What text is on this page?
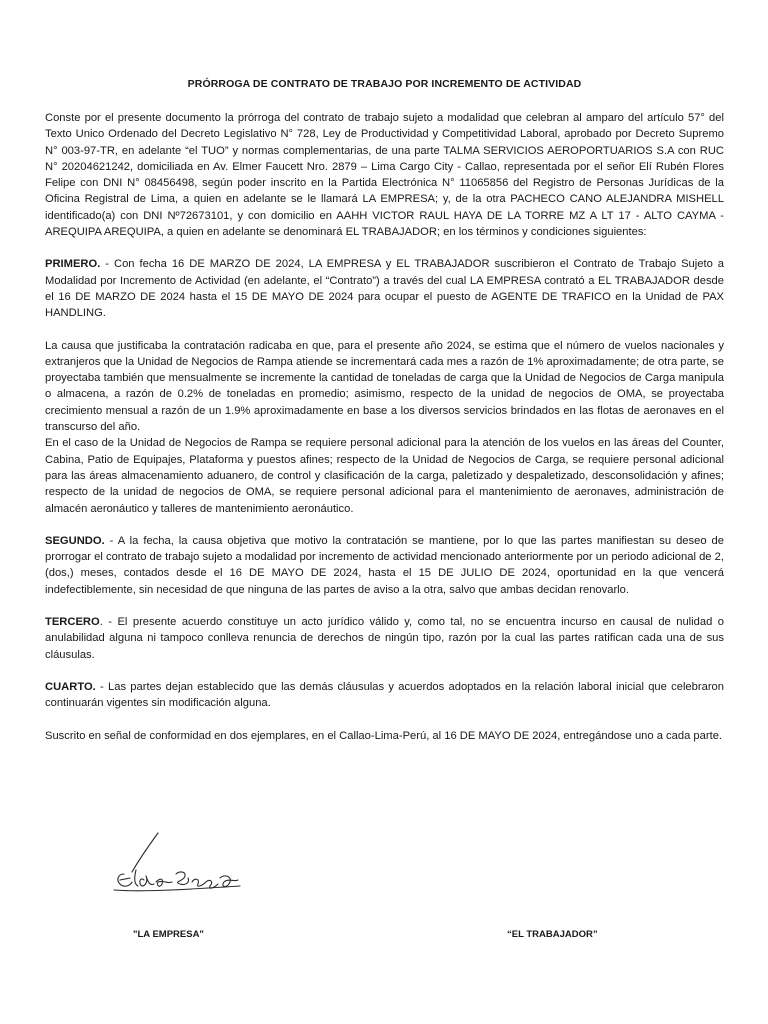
PRÓRROGA DE CONTRATO DE TRABAJO POR INCREMENTO DE ACTIVIDAD

Conste por el presente documento la prórroga del contrato de trabajo sujeto a modalidad que celebran al amparo del artículo 57° del Texto Unico Ordenado del Decreto Legislativo N° 728, Ley de Productividad y Competitividad Laboral, aprobado por Decreto Supremo N° 003-97-TR, en adelante “el TUO” y normas complementarias, de una parte TALMA SERVICIOS AEROPORTUARIOS S.A con RUC N° 20204621242, domiciliada en Av. Elmer Faucett Nro. 2879 – Lima Cargo City - Callao, representada por el señor Elí Rubén Flores Felipe con DNI N° 08456498, según poder inscrito en la Partida Electrónica N° 11065856 del Registro de Personas Jurídicas de la Oficina Registral de Lima, a quien en adelante se le llamará LA EMPRESA; y, de la otra PACHECO CANO ALEJANDRA MISHELL identificado(a) con DNI Nº72673101, y con domicilio en AAHH VICTOR RAUL HAYA DE LA TORRE MZ A LT 17 - ALTO CAYMA - AREQUIPA AREQUIPA, a quien en adelante se denominará EL TRABAJADOR; en los términos y condiciones siguientes:

PRIMERO. - Con fecha 16 DE MARZO DE 2024, LA EMPRESA y EL TRABAJADOR suscribieron el Contrato de Trabajo Sujeto a Modalidad por Incremento de Actividad (en adelante, el “Contrato”) a través del cual LA EMPRESA contrató a EL TRABAJADOR desde el 16 DE MARZO DE 2024 hasta el 15 DE MAYO DE 2024 para ocupar el puesto de AGENTE DE TRAFICO en la Unidad de PAX HANDLING.

La causa que justificaba la contratación radicaba en que, para el presente año 2024, se estima que el número de vuelos nacionales y extranjeros que la Unidad de Negocios de Rampa atiende se incrementará cada mes a razón de 1% aproximadamente; de otra parte, se proyectaba también que mensualmente se incremente la cantidad de toneladas de carga que la Unidad de Negocios de Carga manipula o almacena, a razón de 0.2% de toneladas en promedio; asimismo, respecto de la unidad de negocios de OMA, se proyectaba crecimiento mensual a razón de un 1.9% aproximadamente en base a los diversos servicios brindados en las flotas de aeronaves en el transcurso del año.

En el caso de la Unidad de Negocios de Rampa se requiere personal adicional para la atención de los vuelos en las áreas del Counter, Cabina, Patio de Equipajes, Plataforma y puestos afines; respecto de la Unidad de Negocios de Carga, se requiere personal adicional para las áreas almacenamiento aduanero, de control y clasificación de la carga, paletizado y despaletizado, desconsolidación y afines; respecto de la unidad de negocios de OMA, se requiere personal adicional para el mantenimiento de aeronaves, administración de almacén aeronáutico y talleres de mantenimiento aeronáutico.

SEGUNDO. - A la fecha, la causa objetiva que motivo la contratación se mantiene, por lo que las partes manifiestan su deseo de prorrogar el contrato de trabajo sujeto a modalidad por incremento de actividad mencionado anteriormente por un periodo adicional de 2, (dos,) meses, contados desde el 16 DE MAYO DE 2024, hasta el 15 DE JULIO DE 2024, oportunidad en la que vencerá indefectiblemente, sin necesidad de que ninguna de las partes de aviso a la otra, salvo que ambas decidan renovarlo.

TERCERO. - El presente acuerdo constituye un acto jurídico válido y, como tal, no se encuentra incurso en causal de nulidad o anulabilidad alguna ni tampoco conlleva renuncia de derechos de ningún tipo, razón por la cual las partes ratifican cada una de sus cláusulas.

CUARTO. - Las partes dejan establecido que las demás cláusulas y acuerdos adoptados en la relación laboral inicial que celebraron continuarán vigentes sin modificación alguna.

Suscrito en señal de conformidad en dos ejemplares, en el Callao-Lima-Perú, al 16 DE MAYO DE 2024, entregándose uno a cada parte.

"LA EMPRESA"	“EL TRABAJADOR”
